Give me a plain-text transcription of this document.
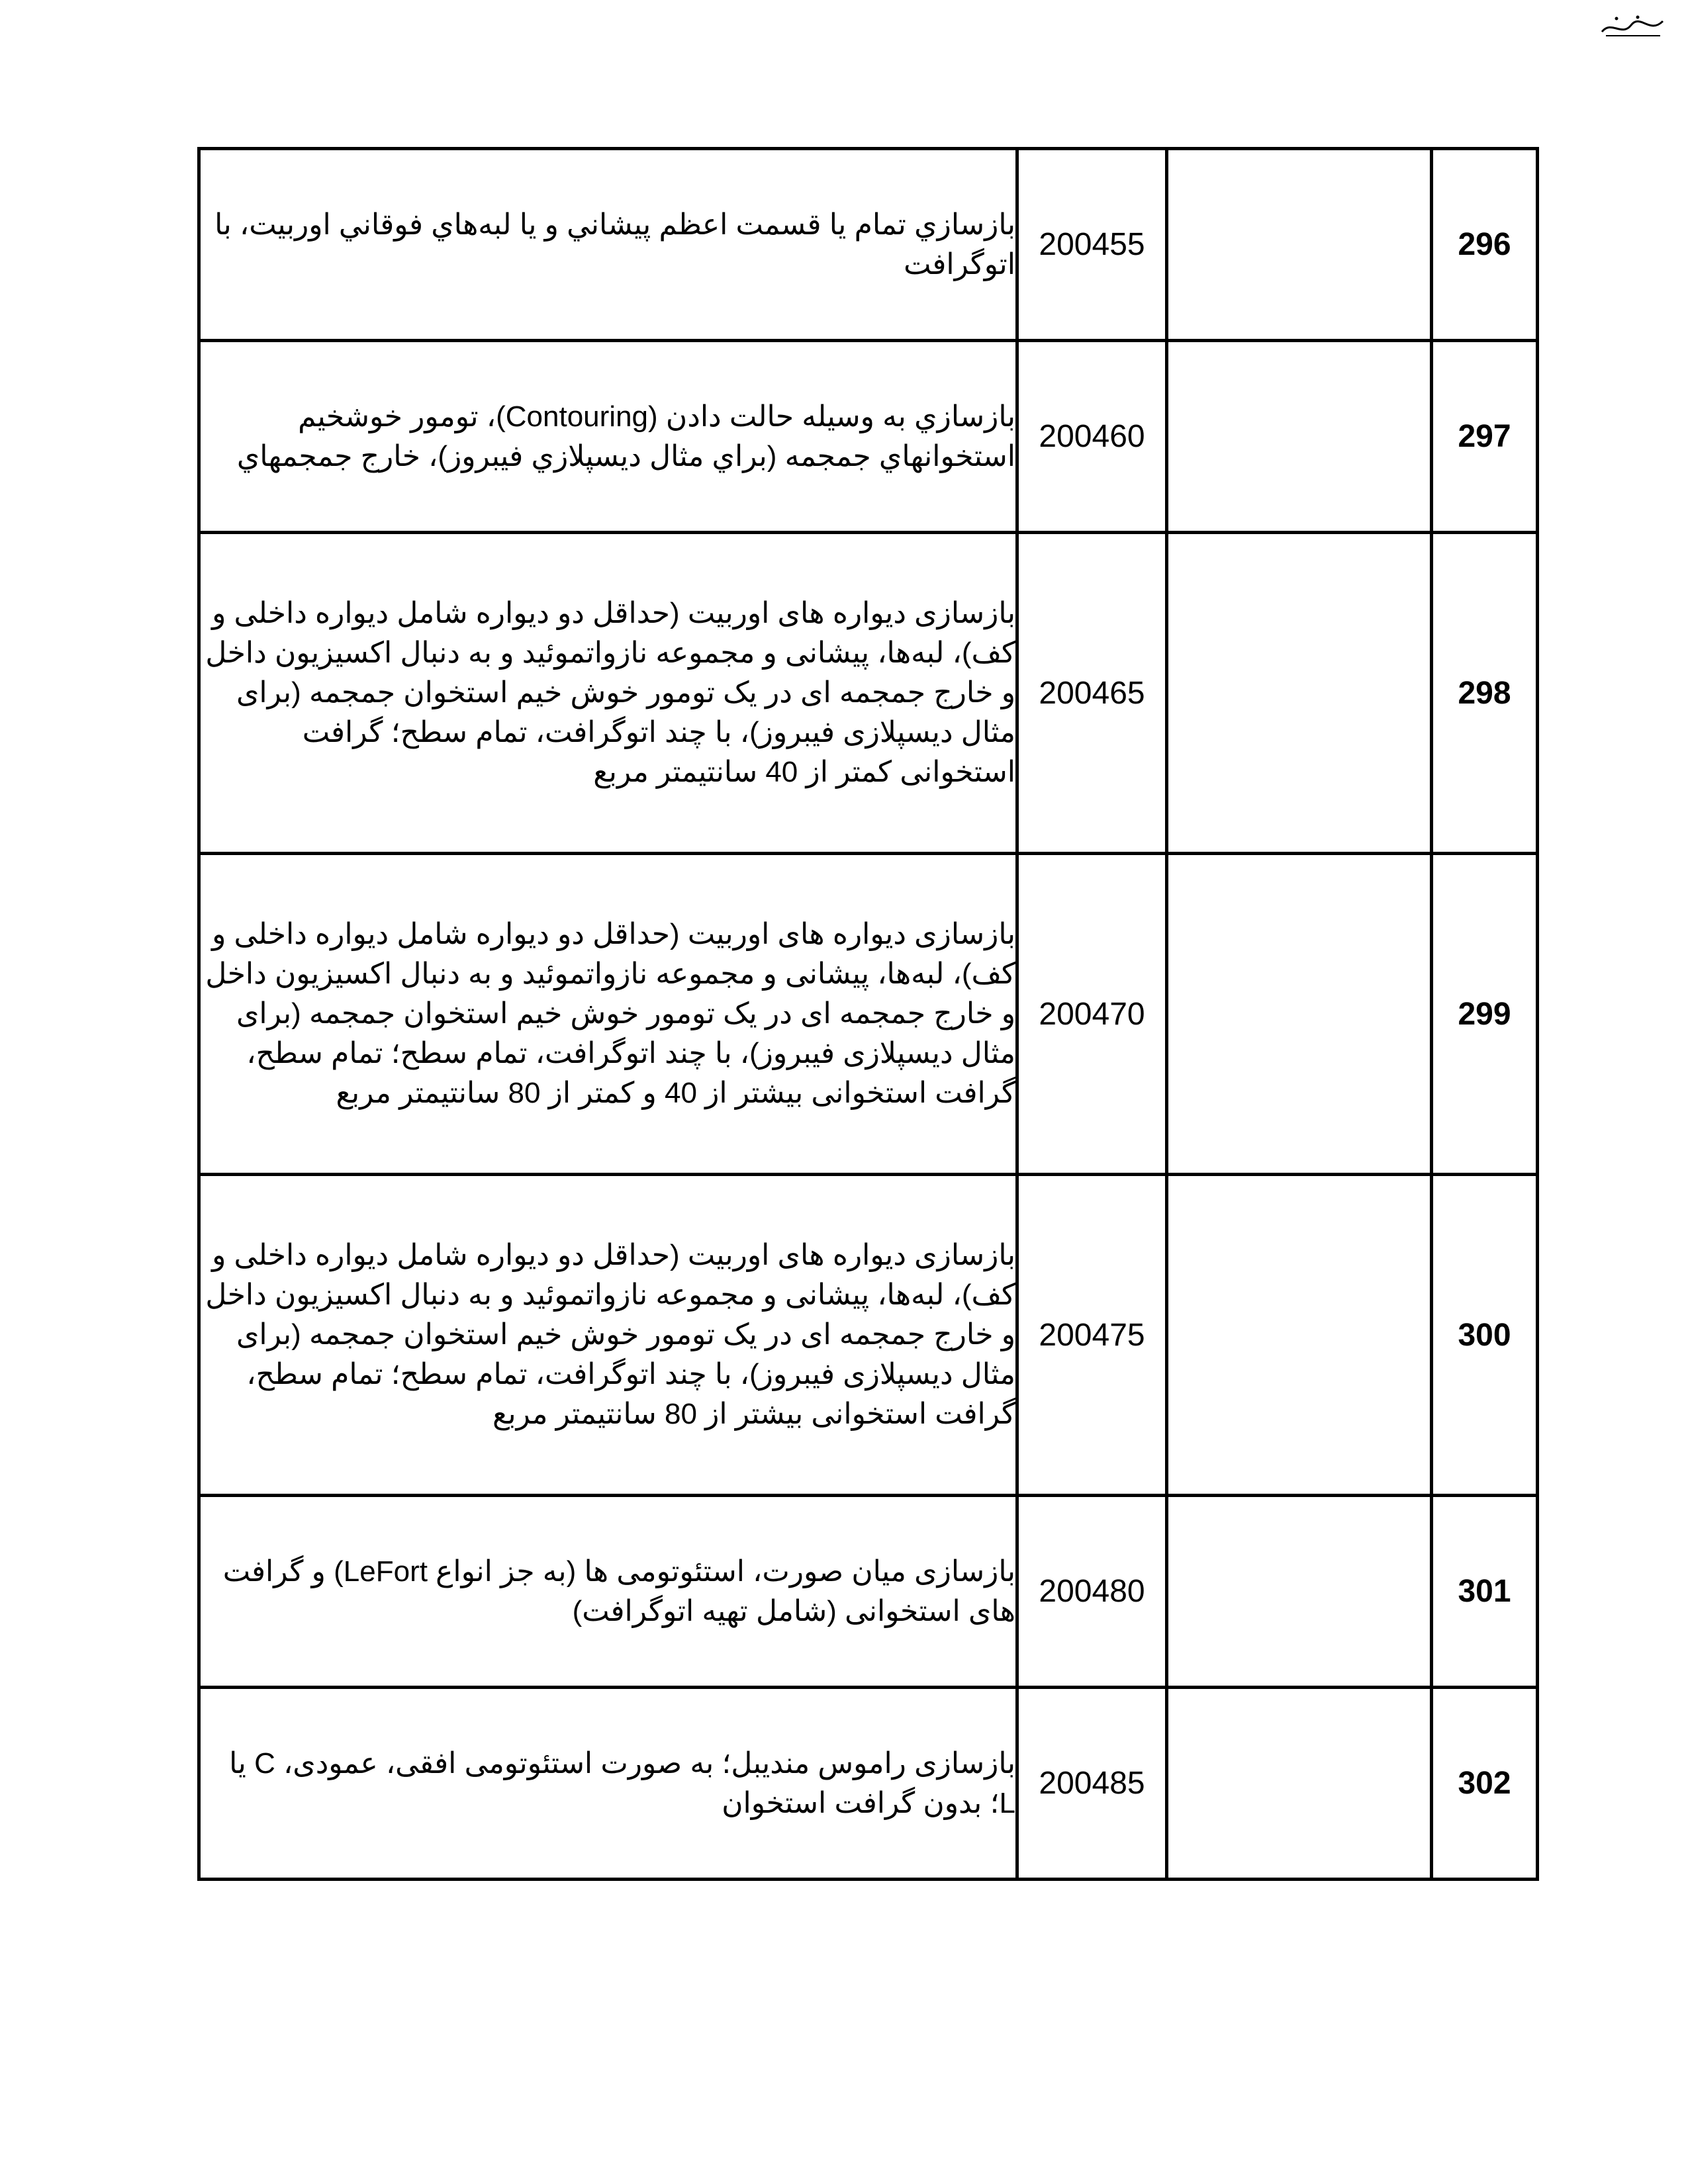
بازسازي تمام يا قسمت اعظم پيشاني و يا لبه‌هاي فوقاني اوربيت، با اتوگرافت	200455		296
بازسازي به وسيله حالت دادن (Contouring)، تومور خوشخيم استخوانهاي جمجمه (براي مثال ديسپلازي فيبروز)، خارج جمجمهاي	200460		297
بازسازی دیواره های اوربیت (حداقل دو دیواره شامل دیواره داخلی و کف)، لبه‌ها، پیشانی و مجموعه نازواتموئید و به دنبال اکسیزیون داخل و خارج جمجمه ای در یک تومور خوش خیم استخوان جمجمه (برای مثال دیسپلازی فیبروز)، با چند اتوگرافت، تمام سطح؛ گرافت استخوانی کمتر از 40 سانتیمتر مربع	200465		298
بازسازی دیواره های اوربیت (حداقل دو دیواره شامل دیواره داخلی و کف)، لبه‌ها، پیشانی و مجموعه نازواتموئید و به دنبال اکسیزیون داخل و خارج جمجمه ای در یک تومور خوش خیم استخوان جمجمه (برای مثال دیسپلازی فیبروز)، با چند اتوگرافت، تمام سطح؛ تمام سطح، گرافت استخوانی بیشتر از 40 و کمتر از 80 سانتیمتر مربع	200470		299
بازسازی دیواره های اوربیت (حداقل دو دیواره شامل دیواره داخلی و کف)، لبه‌ها، پیشانی و مجموعه نازواتموئید و به دنبال اکسیزیون داخل و خارج جمجمه ای در یک تومور خوش خیم استخوان جمجمه (برای مثال دیسپلازی فیبروز)، با چند اتوگرافت، تمام سطح؛ تمام سطح، گرافت استخوانی بیشتر از 80 سانتیمتر مربع	200475		300
بازسازی میان صورت، استئوتومی ها (به جز انواع LeFort) و گرافت های استخوانی (شامل تهیه اتوگرافت)	200480		301
بازسازی راموس مندیبل؛ به صورت استئوتومی افقی، عمودی، C یا L؛ بدون گرافت استخوان	200485		302
